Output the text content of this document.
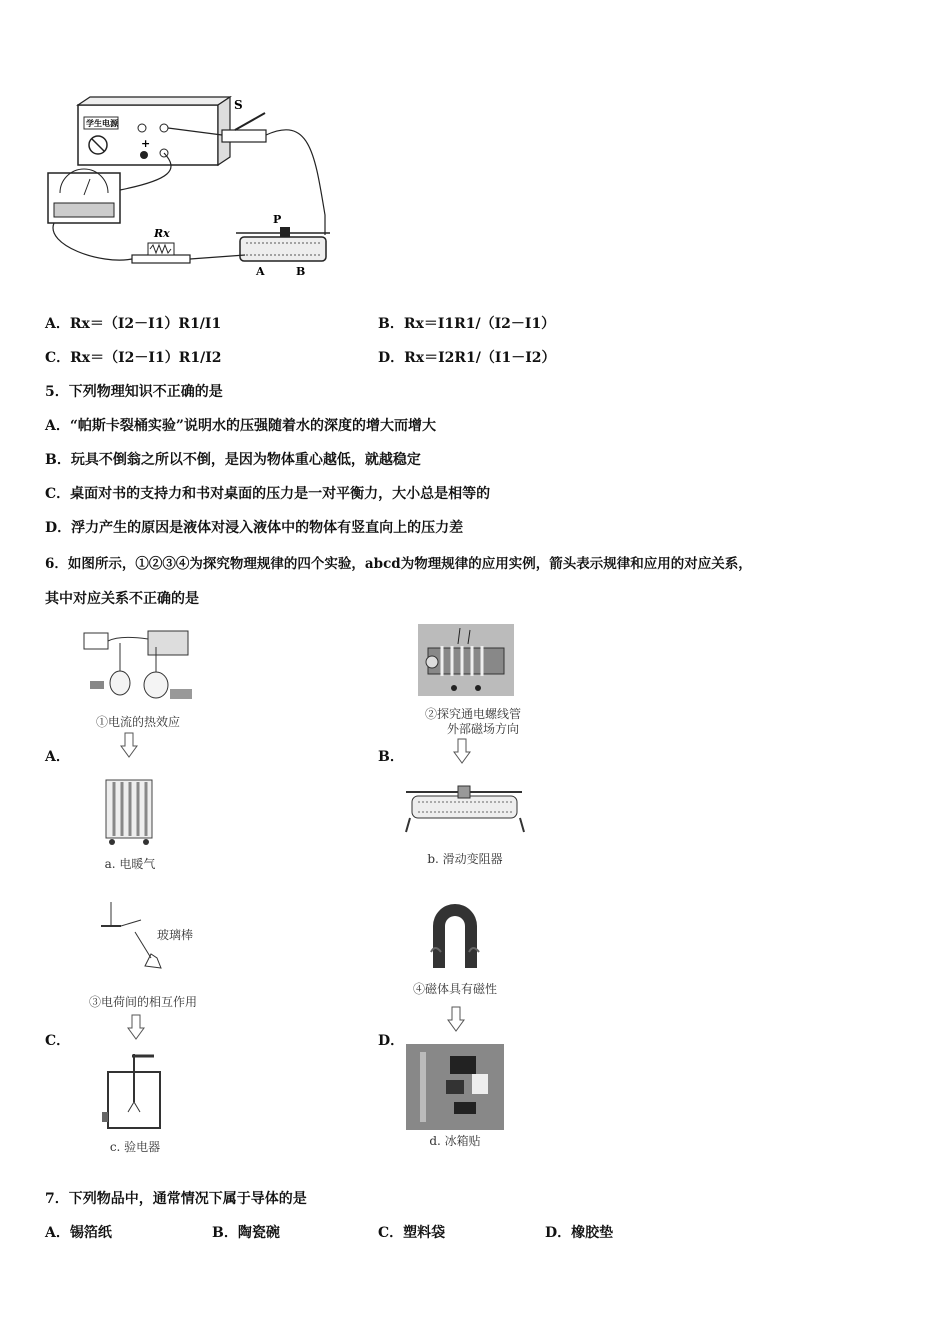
+
S
Rx
P
A	B
学生电源
A．Rx＝（I2－I1）R1/I1	B．Rx＝I1R1/（I2－I1）
C．Rx＝（I2－I1）R1/I2	D．Rx＝I2R1/（I1－I2）
5．下列物理知识不正确的是
A．“帕斯卡裂桶实验”说明水的压强随着水的深度的增大而增大
B．玩具不倒翁之所以不倒，是因为物体重心越低，就越稳定
C．桌面对书的支持力和书对桌面的压力是一对平衡力，大小总是相等的
D．浮力产生的原因是液体对浸入液体中的物体有竖直向上的压力差
6．如图所示，①②③④为探究物理规律的四个实验，abcd为物理规律的应用实例，箭头表示规律和应用的对应关系，
其中对应关系不正确的是
A．
①电流的热效应
a. 电暖气
B．
②探究通电螺线管
外部磁场方向
b. 滑动变阻器
C．
玻璃棒
③电荷间的相互作用
c. 验电器
D．
④磁体具有磁性
d. 冰箱贴
7．下列物品中，通常情况下属于导体的是
A．锡箔纸	B．陶瓷碗	C．塑料袋	D．橡胶垫
